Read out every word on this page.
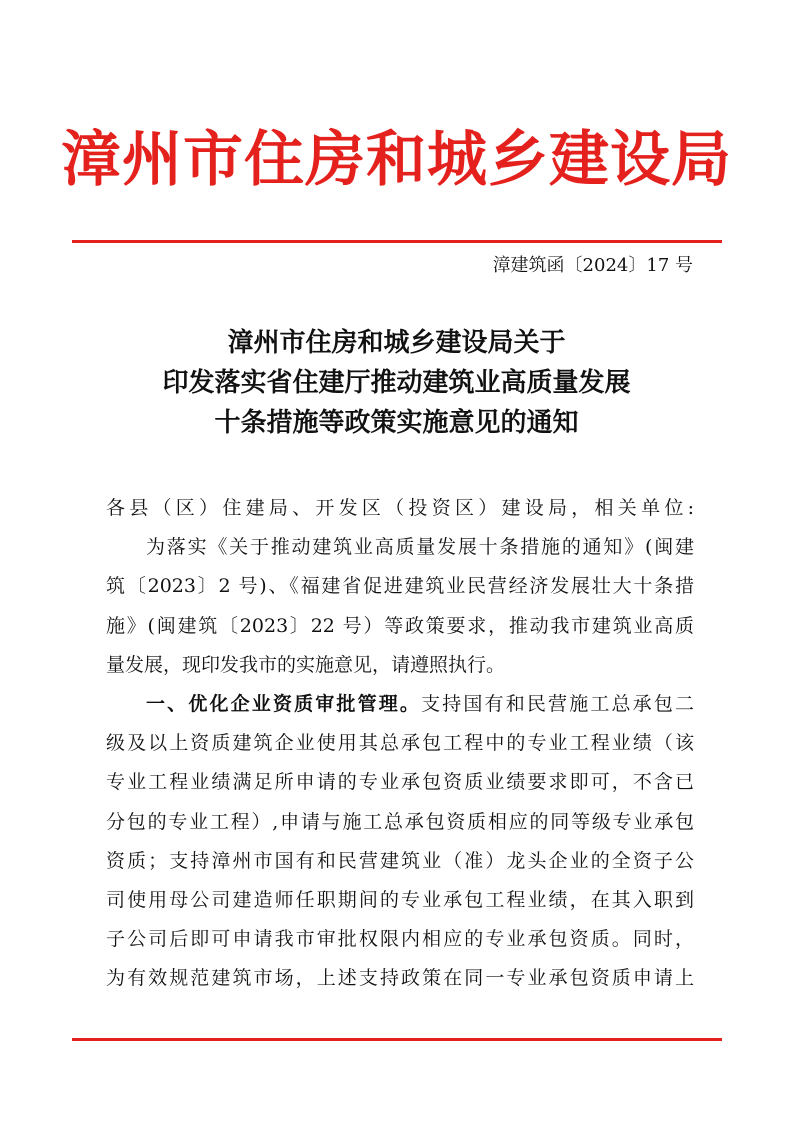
漳州市住房和城乡建设局
漳建筑函〔2024〕17 号
漳州市住房和城乡建设局关于
印发落实省住建厅推动建筑业高质量发展
十条措施等政策实施意见的通知
各县（区）住建局、开发区（投资区）建设局，相关单位:
为落实《关于推动建筑业高质量发展十条措施的通知》(闽建
筑〔2023〕2 号)、《福建省促进建筑业民营经济发展壮大十条措
施》(闽建筑〔2023〕22 号）等政策要求，推动我市建筑业高质
量发展，现印发我市的实施意见，请遵照执行。
一、优化企业资质审批管理。支持国有和民营施工总承包二
级及以上资质建筑企业使用其总承包工程中的专业工程业绩（该
专业工程业绩满足所申请的专业承包资质业绩要求即可，不含已
分包的专业工程）,申请与施工总承包资质相应的同等级专业承包
资质；支持漳州市国有和民营建筑业（准）龙头企业的全资子公
司使用母公司建造师任职期间的专业承包工程业绩，在其入职到
子公司后即可申请我市审批权限内相应的专业承包资质。同时，
为有效规范建筑市场，上述支持政策在同一专业承包资质申请上
